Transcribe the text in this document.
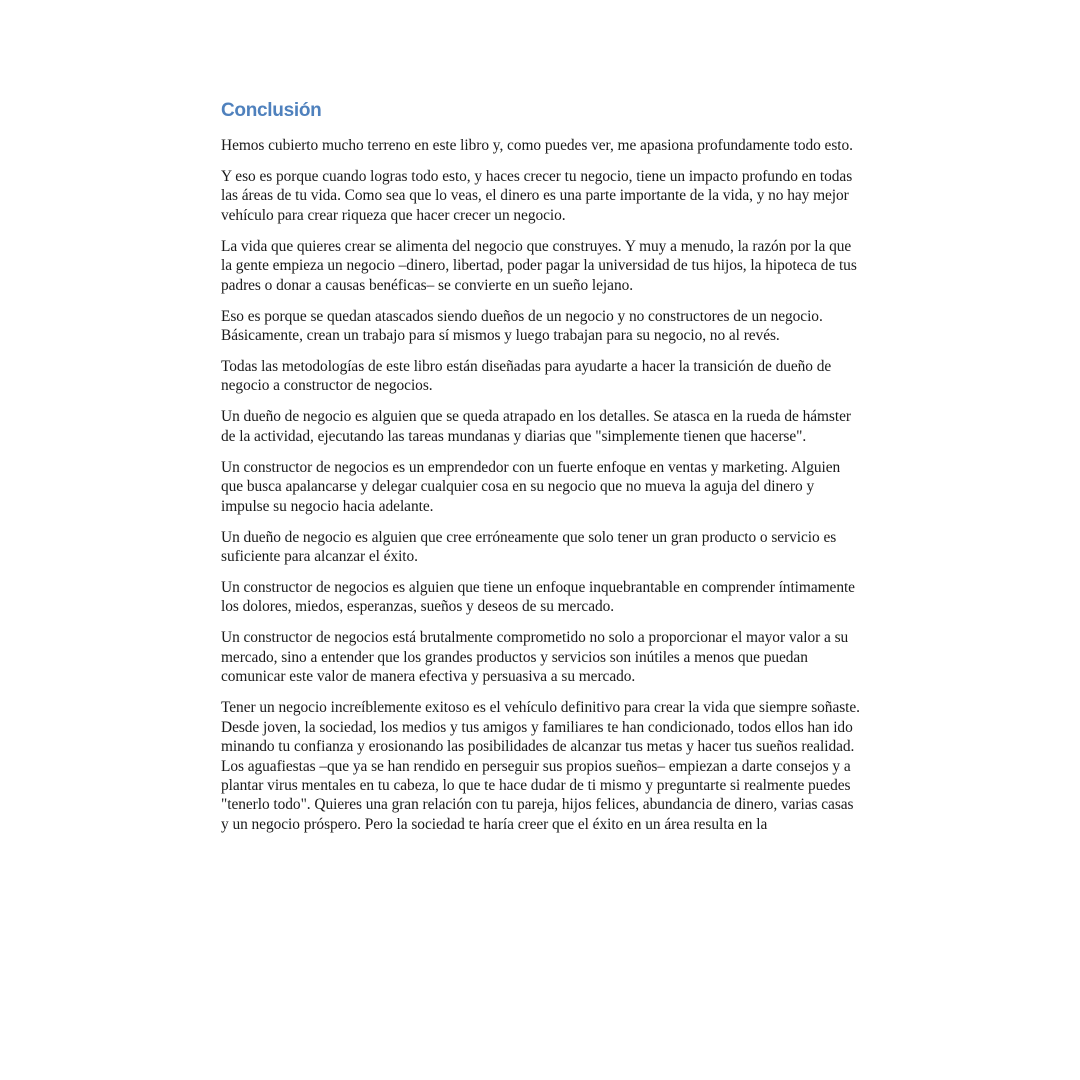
Conclusión

Hemos cubierto mucho terreno en este libro y, como puedes ver, me apasiona profundamente todo esto.

Y eso es porque cuando logras todo esto, y haces crecer tu negocio, tiene un impacto profundo en todas las áreas de tu vida. Como sea que lo veas, el dinero es una parte importante de la vida, y no hay mejor vehículo para crear riqueza que hacer crecer un negocio.

La vida que quieres crear se alimenta del negocio que construyes. Y muy a menudo, la razón por la que la gente empieza un negocio –dinero, libertad, poder pagar la universidad de tus hijos, la hipoteca de tus padres o donar a causas benéficas– se convierte en un sueño lejano.

Eso es porque se quedan atascados siendo dueños de un negocio y no constructores de un negocio. Básicamente, crean un trabajo para sí mismos y luego trabajan para su negocio, no al revés.

Todas las metodologías de este libro están diseñadas para ayudarte a hacer la transición de dueño de negocio a constructor de negocios.

Un dueño de negocio es alguien que se queda atrapado en los detalles. Se atasca en la rueda de hámster de la actividad, ejecutando las tareas mundanas y diarias que "simplemente tienen que hacerse".

Un constructor de negocios es un emprendedor con un fuerte enfoque en ventas y marketing. Alguien que busca apalancarse y delegar cualquier cosa en su negocio que no mueva la aguja del dinero y impulse su negocio hacia adelante.

Un dueño de negocio es alguien que cree erróneamente que solo tener un gran producto o servicio es suficiente para alcanzar el éxito.

Un constructor de negocios es alguien que tiene un enfoque inquebrantable en comprender íntimamente los dolores, miedos, esperanzas, sueños y deseos de su mercado.

Un constructor de negocios está brutalmente comprometido no solo a proporcionar el mayor valor a su mercado, sino a entender que los grandes productos y servicios son inútiles a menos que puedan comunicar este valor de manera efectiva y persuasiva a su mercado.

Tener un negocio increíblemente exitoso es el vehículo definitivo para crear la vida que siempre soñaste. Desde joven, la sociedad, los medios y tus amigos y familiares te han condicionado, todos ellos han ido minando tu confianza y erosionando las posibilidades de alcanzar tus metas y hacer tus sueños realidad. Los aguafiestas –que ya se han rendido en perseguir sus propios sueños– empiezan a darte consejos y a plantar virus mentales en tu cabeza, lo que te hace dudar de ti mismo y preguntarte si realmente puedes "tenerlo todo". Quieres una gran relación con tu pareja, hijos felices, abundancia de dinero, varias casas y un negocio próspero. Pero la sociedad te haría creer que el éxito en un área resulta en la
